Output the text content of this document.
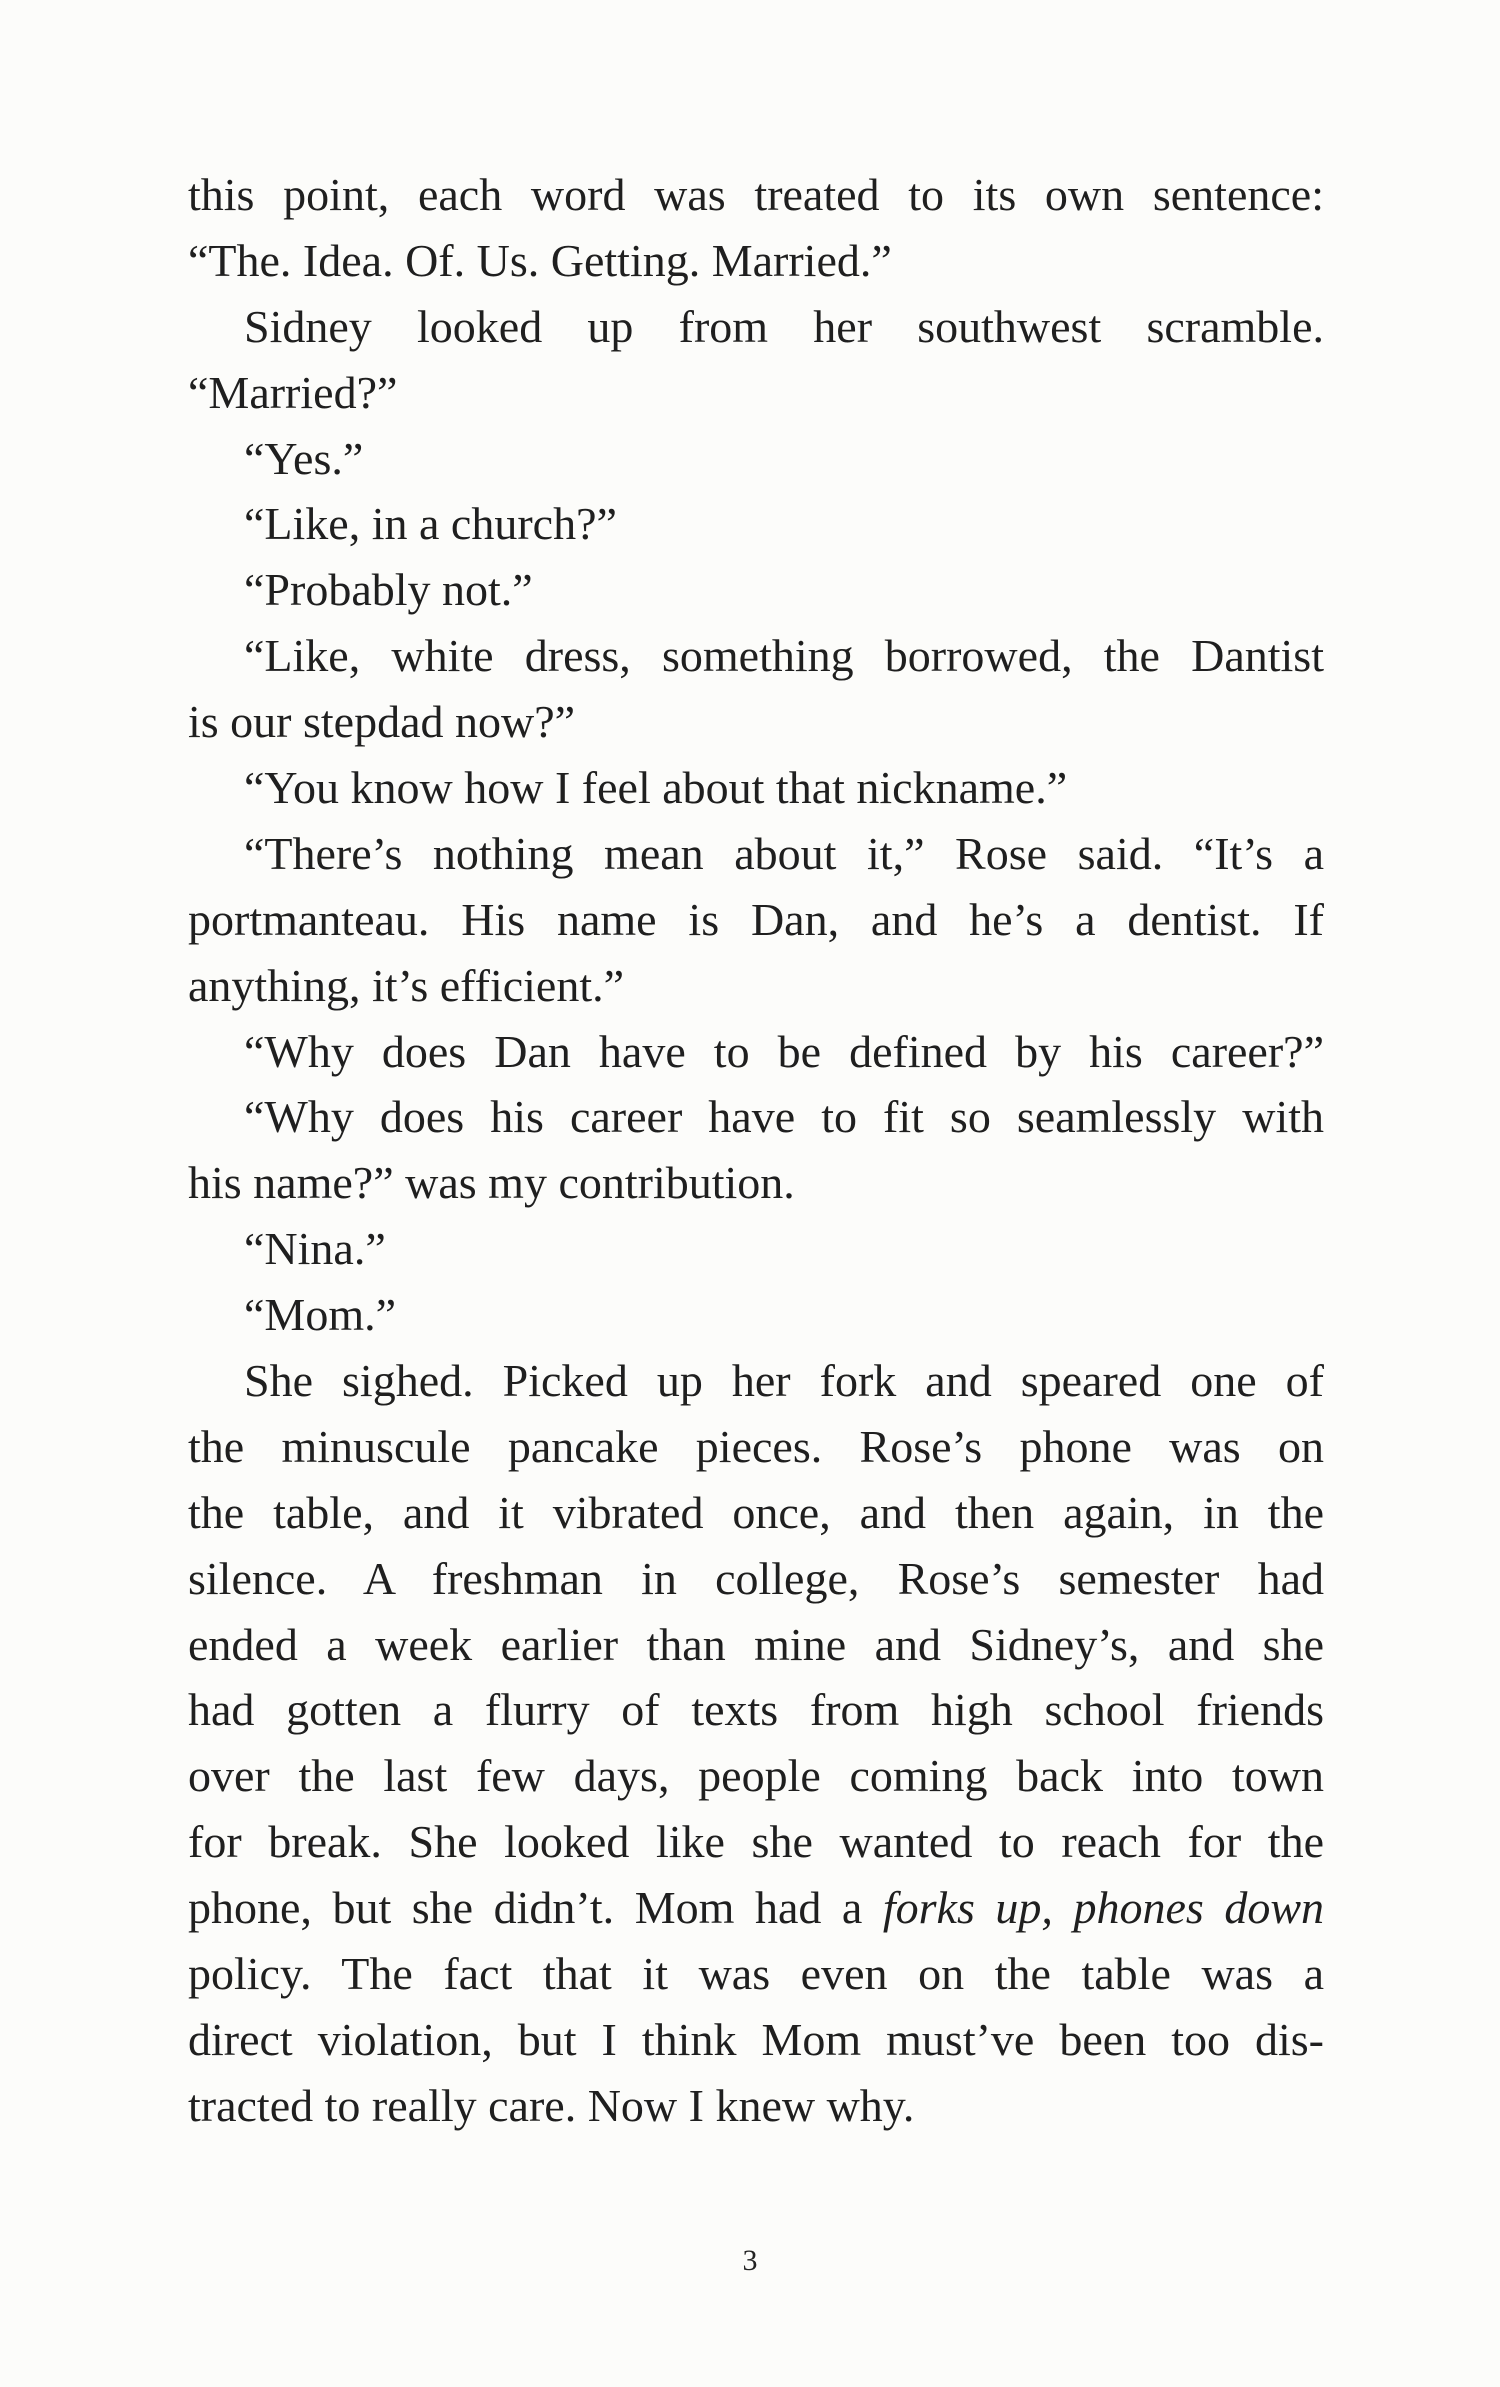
this point, each word was treated to its own sentence:
“The. Idea. Of. Us. Getting. Married.”
Sidney looked up from her southwest scramble.
“Married?”
“Yes.”
“Like, in a church?”
“Probably not.”
“Like, white dress, something borrowed, the Dantist
is our stepdad now?”
“You know how I feel about that nickname.”
“There’s nothing mean about it,” Rose said. “It’s a
portmanteau. His name is Dan, and he’s a dentist. If
anything, it’s efficient.”
“Why does Dan have to be defined by his career?”
“Why does his career have to fit so seamlessly with
his name?” was my contribution.
“Nina.”
“Mom.”
She sighed. Picked up her fork and speared one of
the minuscule pancake pieces. Rose’s phone was on
the table, and it vibrated once, and then again, in the
silence. A freshman in college, Rose’s semester had
ended a week earlier than mine and Sidney’s, and she
had gotten a flurry of texts from high school friends
over the last few days, people coming back into town
for break. She looked like she wanted to reach for the
phone, but she didn’t. Mom had a forks up, phones down
policy. The fact that it was even on the table was a
direct violation, but I think Mom must’ve been too dis-
tracted to really care. Now I knew why.
3
